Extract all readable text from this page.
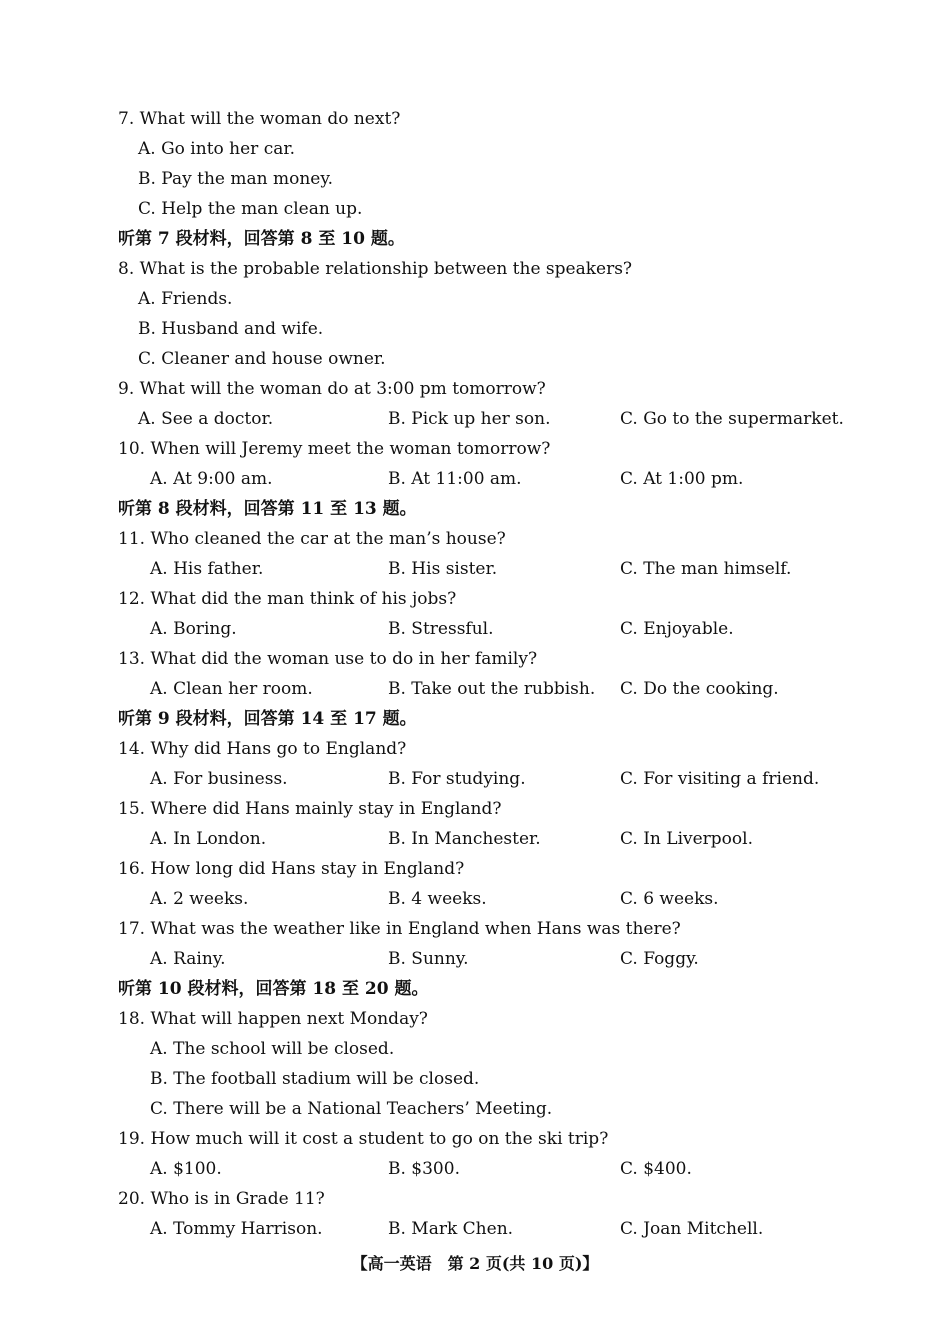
7. What will the woman do next?
A. Go into her car.
B. Pay the man money.
C. Help the man clean up.
听第 7 段材料，回答第 8 至 10 题。
8. What is the probable relationship between the speakers?
A. Friends.
B. Husband and wife.
C. Cleaner and house owner.
9. What will the woman do at 3:00 pm tomorrow?
A. See a doctor.	B. Pick up her son.	C. Go to the supermarket.
10. When will Jeremy meet the woman tomorrow?
A. At 9:00 am.	B. At 11:00 am.	C. At 1:00 pm.
听第 8 段材料，回答第 11 至 13 题。
11. Who cleaned the car at the man’s house?
A. His father.	B. His sister.	C. The man himself.
12. What did the man think of his jobs?
A. Boring.	B. Stressful.	C. Enjoyable.
13. What did the woman use to do in her family?
A. Clean her room.	B. Take out the rubbish. C. Do the cooking.
听第 9 段材料，回答第 14 至 17 题。
14. Why did Hans go to England?
A. For business.	B. For studying.	C. For visiting a friend.
15. Where did Hans mainly stay in England?
A. In London.	B. In Manchester.	C. In Liverpool.
16. How long did Hans stay in England?
A. 2 weeks.	B. 4 weeks.	C. 6 weeks.
17. What was the weather like in England when Hans was there?
A. Rainy.	B. Sunny.	C. Foggy.
听第 10 段材料，回答第 18 至 20 题。
18. What will happen next Monday?
A. The school will be closed.
B. The football stadium will be closed.
C. There will be a National Teachers’ Meeting.
19. How much will it cost a student to go on the ski trip?
A. $100.	B. $300.	C. $400.
20. Who is in Grade 11?
A. Tommy Harrison.	B. Mark Chen.	C. Joan Mitchell.
【高一英语　第 2 页(共 10 页)】
